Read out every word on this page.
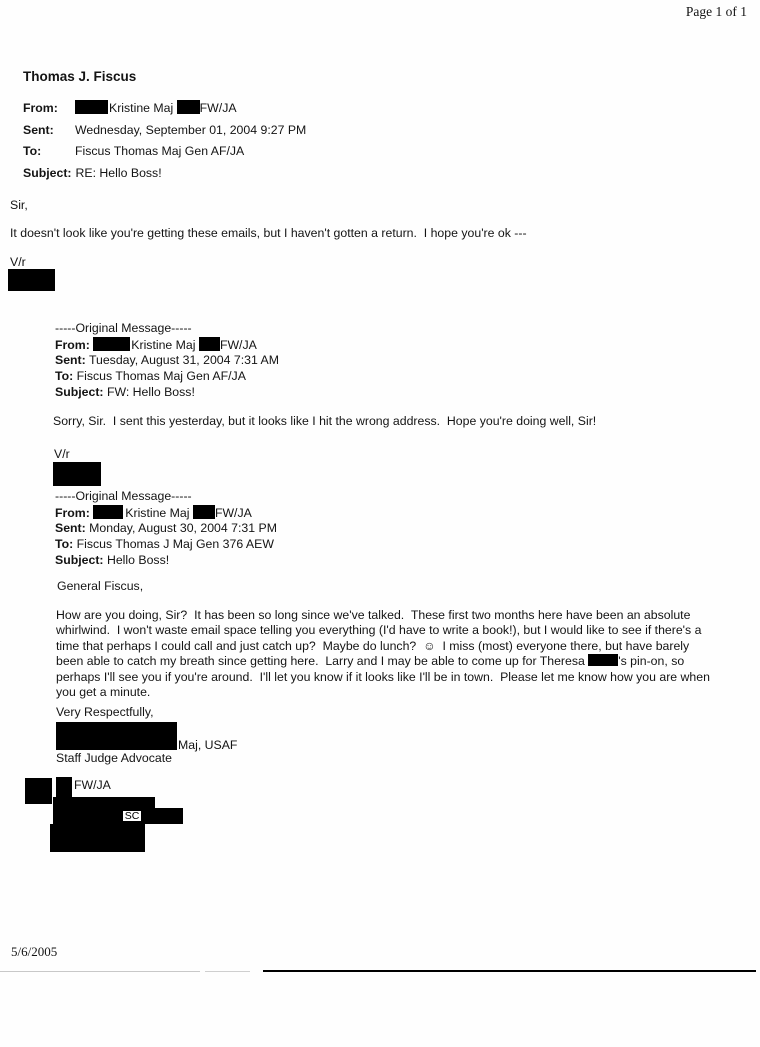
Page 1 of 1
Thomas J. Fiscus
From:	Kristine Maj FW/JA
Sent:	Wednesday, September 01, 2004 9:27 PM
To:	Fiscus Thomas Maj Gen AF/JA
Subject: RE: Hello Boss!
Sir,
It doesn't look like you're getting these emails, but I haven't gotten a return.  I hope you're ok ---
V/r
-----Original Message-----
From:	Kristine Maj FW/JA
Sent: Tuesday, August 31, 2004 7:31 AM
To: Fiscus Thomas Maj Gen AF/JA
Subject: FW: Hello Boss!
Sorry, Sir.  I sent this yesterday, but it looks like I hit the wrong address.  Hope you're doing well, Sir!
V/r
-----Original Message-----
From:	Kristine Maj FW/JA
Sent: Monday, August 30, 2004 7:31 PM
To: Fiscus Thomas J Maj Gen 376 AEW
Subject: Hello Boss!
General Fiscus,
How are you doing, Sir?  It has been so long since we've talked.  These first two months here have been an absolute
whirlwind.  I won't waste email space telling you everything (I'd have to write a book!), but I would like to see if there's a
time that perhaps I could call and just catch up?  Maybe do lunch?  ☺  I miss (most) everyone there, but have barely
been able to catch my breath since getting here.  Larry and I may be able to come up for Theresa 's pin-on, so
perhaps I'll see you if you're around.  I'll let you know if it looks like I'll be in town.  Please let me know how you are when
you get a minute.
Very Respectfully,
Maj, USAF
Staff Judge Advocate
FW/JA
SC
5/6/2005
